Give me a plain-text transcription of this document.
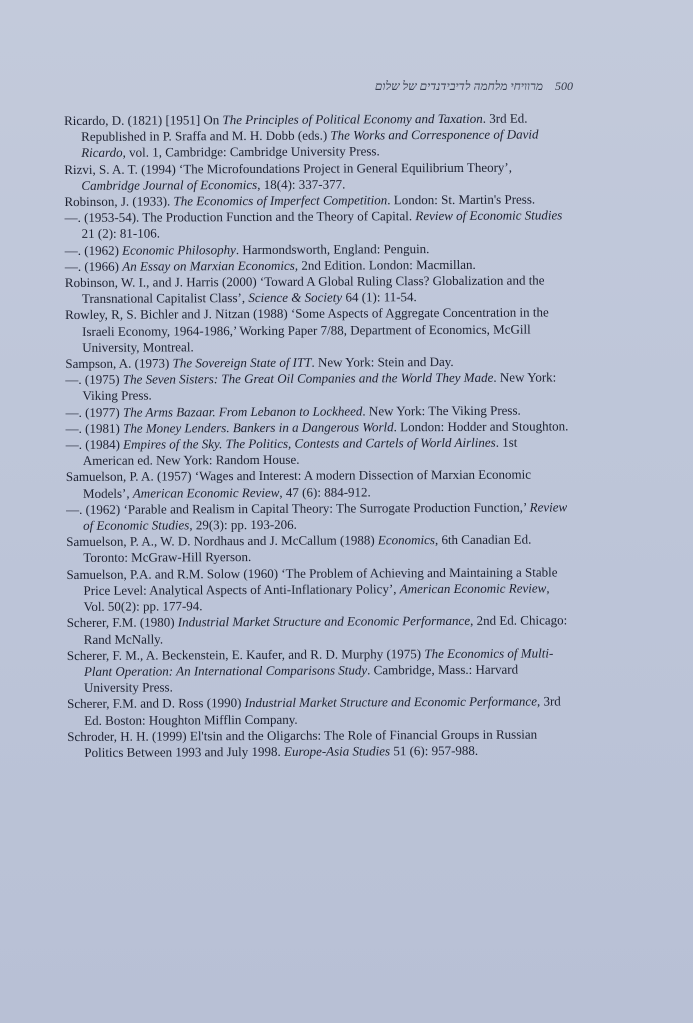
מרוויחי מלחמה לדיבידנדים של שלום 500

Ricardo, D. (1821) [1951] On The Principles of Political Economy and Taxation. 3rd Ed. Republished in P. Sraffa and M. H. Dobb (eds.) The Works and Corresponence of David Ricardo, vol. 1, Cambridge: Cambridge University Press.

Rizvi, S. A. T. (1994) ‘The Microfoundations Project in General Equilibrium Theory’, Cambridge Journal of Economics, 18(4): 337-377.

Robinson, J. (1933). The Economics of Imperfect Competition. London: St. Martin's Press.

—. (1953-54). The Production Function and the Theory of Capital. Review of Economic Studies 21 (2): 81-106.

—. (1962) Economic Philosophy. Harmondsworth, England: Penguin.

—. (1966) An Essay on Marxian Economics, 2nd Edition. London: Macmillan.

Robinson, W. I., and J. Harris (2000) ‘Toward A Global Ruling Class? Globalization and the Transnational Capitalist Class’, Science & Society 64 (1): 11-54.

Rowley, R, S. Bichler and J. Nitzan (1988) ‘Some Aspects of Aggregate Concentration in the Israeli Economy, 1964-1986,’ Working Paper 7/88, Department of Economics, McGill University, Montreal.

Sampson, A. (1973) The Sovereign State of ITT. New York: Stein and Day.

—. (1975) The Seven Sisters: The Great Oil Companies and the World They Made. New York: Viking Press.

—. (1977) The Arms Bazaar. From Lebanon to Lockheed. New York: The Viking Press.

—. (1981) The Money Lenders. Bankers in a Dangerous World. London: Hodder and Stoughton.

—. (1984) Empires of the Sky. The Politics, Contests and Cartels of World Airlines. 1st American ed. New York: Random House.

Samuelson, P. A. (1957) ‘Wages and Interest: A modern Dissection of Marxian Economic Models’, American Economic Review, 47 (6): 884-912.

—. (1962) ‘Parable and Realism in Capital Theory: The Surrogate Production Function,’ Review of Economic Studies, 29(3): pp. 193-206.

Samuelson, P. A., W. D. Nordhaus and J. McCallum (1988) Economics, 6th Canadian Ed. Toronto: McGraw-Hill Ryerson.

Samuelson, P.A. and R.M. Solow (1960) ‘The Problem of Achieving and Maintaining a Stable Price Level: Analytical Aspects of Anti-Inflationary Policy’, American Economic Review, Vol. 50(2): pp. 177-94.

Scherer, F.M. (1980) Industrial Market Structure and Economic Performance, 2nd Ed. Chicago: Rand McNally.

Scherer, F. M., A. Beckenstein, E. Kaufer, and R. D. Murphy (1975) The Economics of Multi-Plant Operation: An International Comparisons Study. Cambridge, Mass.: Harvard University Press.

Scherer, F.M. and D. Ross (1990) Industrial Market Structure and Economic Performance, 3rd Ed. Boston: Houghton Mifflin Company.

Schroder, H. H. (1999) El'tsin and the Oligarchs: The Role of Financial Groups in Russian Politics Between 1993 and July 1998. Europe-Asia Studies 51 (6): 957-988.
